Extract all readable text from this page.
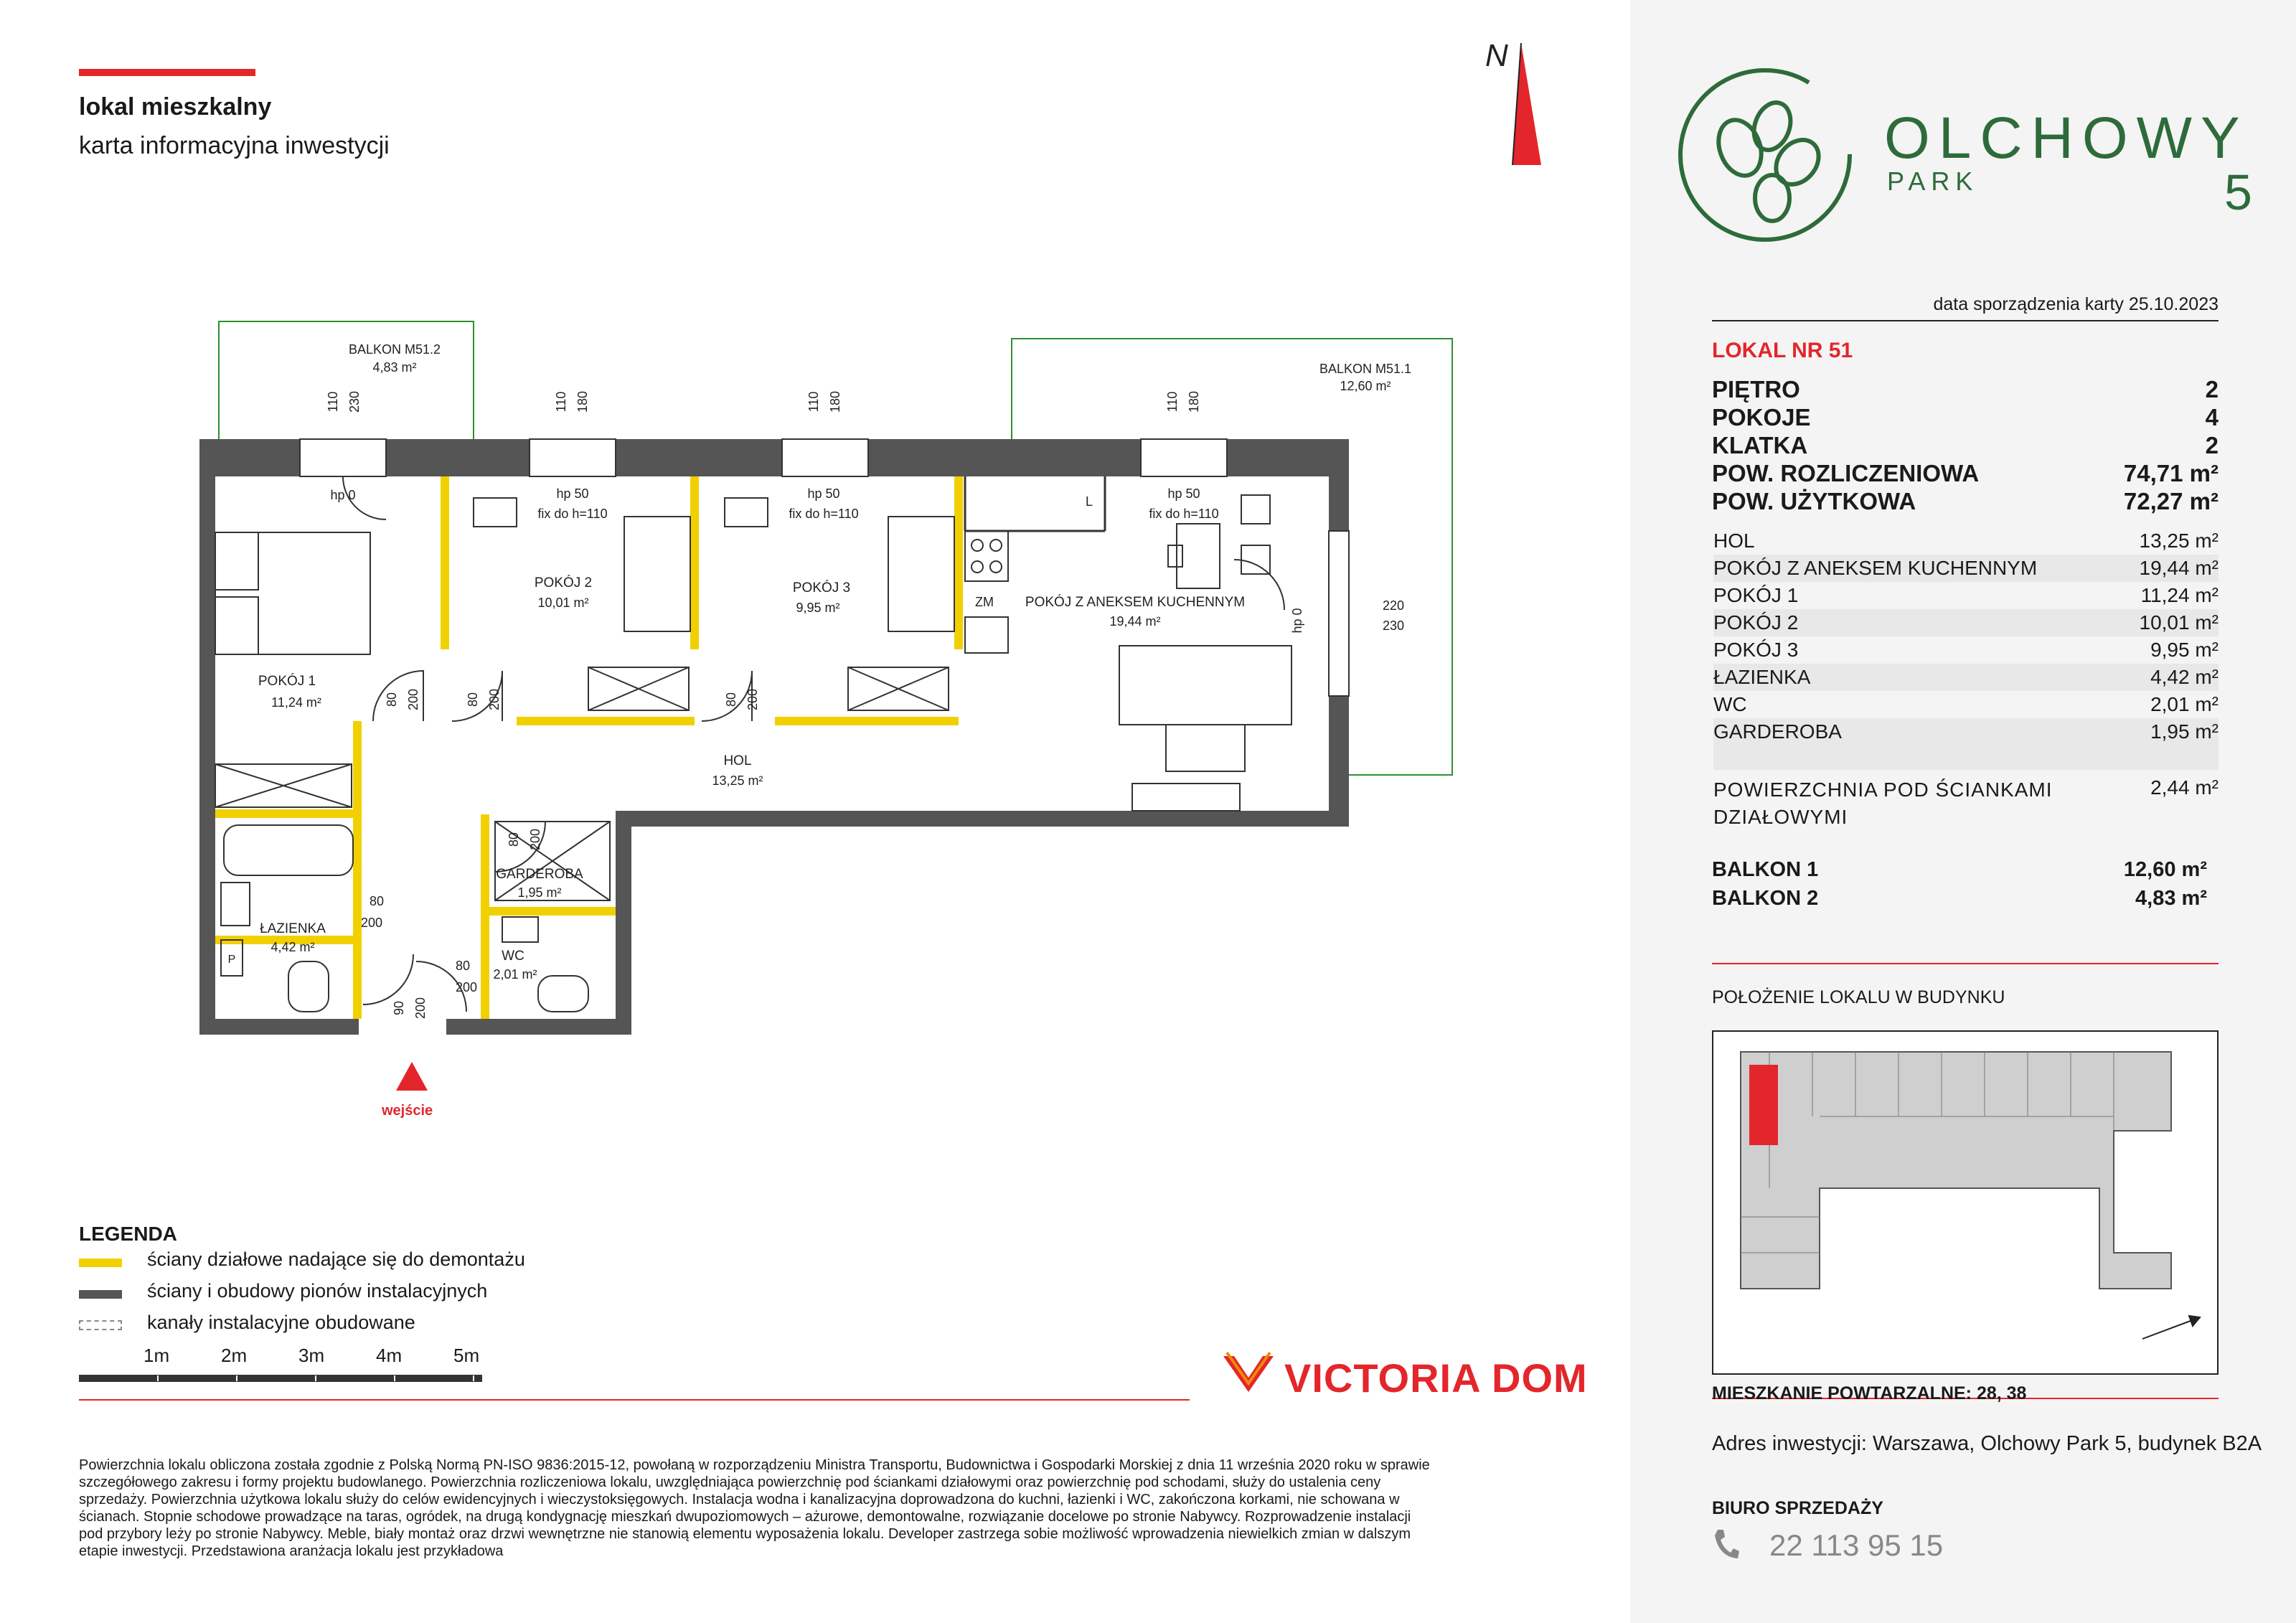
lokal mieszkalny
karta informacyjna inwestycji
N
wejście
BALKON M51.2
4,83 m²	BALKON M51.1
12,60 m²
POKÓJ 1
11,24 m²
POKÓJ 2
10,01 m²
POKÓJ 3
9,95 m²	POKÓJ Z ANEKSEM KUCHENNYM
19,44 m²
HOL
13,25 m²
GARDEROBA
1,95 m²
ŁAZIENKA
4,42 m²
WC
2,01 m²
hp 0	hp 50
fix do h=110
hp 50
fix do h=110
hp 50
fix do h=110
ZM
L
P
220
230
80
200
80
200
110 230	110 180	110 180	110 180
80 200	80 200	80 200
80 200
90 200
hp 0
LEGENDA
ściany działowe nadające się do demontażu
ściany i obudowy pionów instalacyjnych
kanały instalacyjne obudowane
1m	2m	3m	4m	5m	VICTORIA DOM
Powierzchnia lokalu obliczona została zgodnie z Polską Normą PN-ISO 9836:2015-12, powołaną w rozporządzeniu Ministra Transportu, Budownictwa i Gospodarki Morskiej z dnia 11 września 2020 roku w sprawie
szczegółowego zakresu i formy projektu budowlanego. Powierzchnia rozliczeniowa lokalu, uwzględniająca powierzchnię pod ściankami działowymi oraz powierzchnię pod schodami, służy do ustalenia ceny
sprzedaży. Powierzchnia użytkowa lokalu służy do celów ewidencyjnych i wieczystoksięgowych. Instalacja wodna i kanalizacyjna doprowadzona do kuchni, łazienki i WC, zakończona korkami, nie schowana w
ścianach. Stopnie schodowe prowadzące na taras, ogródek, na drugą kondygnację mieszkań dwupoziomowych – ażurowe, demontowalne, rozwiązanie docelowe po stronie Nabywcy. Rozprowadzenie instalacji
pod przybory leży po stronie Nabywcy. Meble, biały montaż oraz drzwi wewnętrzne nie stanowią elementu wyposażenia lokalu. Developer zastrzega sobie możliwość wprowadzenia niewielkich zmian w dalszym
etapie inwestycji. Przedstawiona aranżacja lokalu jest przykładowa
OLCHOWY
PARK	5
data sporządzenia karty 25.10.2023
LOKAL NR 51
PIĘTRO	2
POKOJE	4
KLATKA	2
POW. ROZLICZENIOWA	74,71 m²
POW. UŻYTKOWA	72,27 m²
HOL	13,25 m²
POKÓJ Z ANEKSEM KUCHENNYM	19,44 m²
POKÓJ 1	11,24 m²
POKÓJ 2	10,01 m²
POKÓJ 3	9,95 m²
ŁAZIENKA	4,42 m²
WC	2,01 m²
GARDEROBA	1,95 m²
POWIERZCHNIA POD ŚCIANKAMI
DZIAŁOWYMI
2,44 m²
BALKON 1	12,60 m²
BALKON 2	4,83 m²
POŁOŻENIE LOKALU W BUDYNKU
MIESZKANIE POWTARZALNE: 28, 38
Adres inwestycji: Warszawa, Olchowy Park 5, budynek B2A
BIURO SPRZEDAŻY
22 113 95 15
